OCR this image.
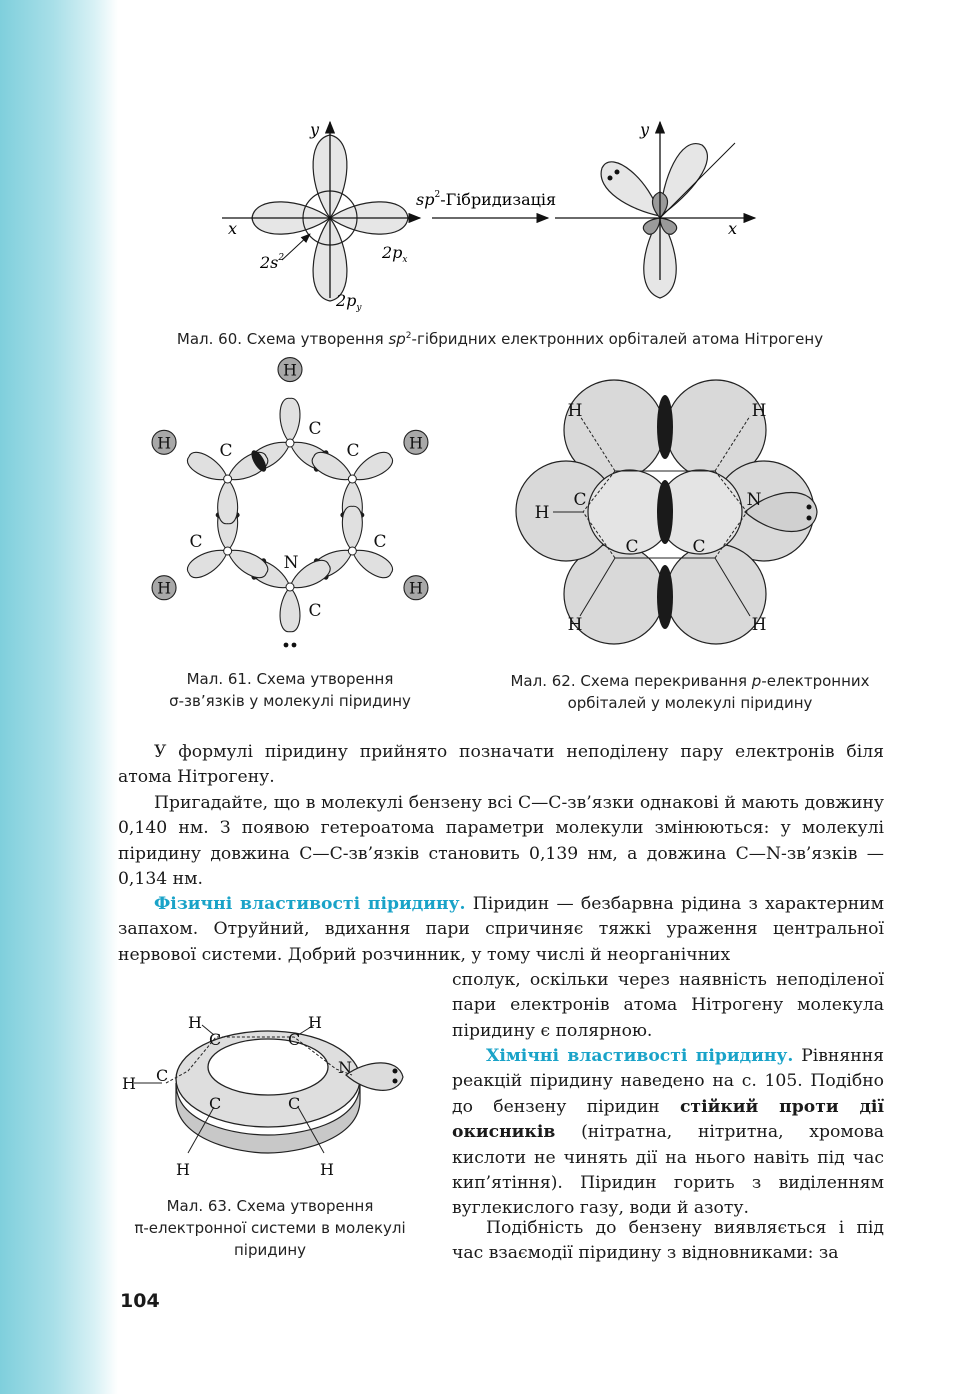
y
x
$2s^2$	$2p_x$
$2p_y$
$sp^2$-Гібридизація
y
x
Мал. 60. Схема утворення $sp^2$-гібридних електронних орбіталей атома Нітрогену
H
H
H
H
H
C
C
C
N
C
C
C
Мал. 61. Схема утворення
σ-зв’язків у молекулі піридину
H	H
H
H	H
C
C	C
N
Мал. 62. Схема перекривання p-електронних
орбіталей у молекулі піридину
У формулі піридину прийнято позначати неподілену пару електронів біля атома Нітрогену.
Пригадайте, що в молекулі бензену всі С—С-зв’язки однакові й мають довжину 0,140 нм. З появою гетероатома параметри молекули змінюються: у молекулі піридину довжина С—С-зв’язків становить 0,139 нм, а довжина С—N-зв’язків — 0,134 нм.
Фізичні властивості піридину. Піридин — безбарвна рідина з характерним запахом. Отруйний, вдихання пари спричиняє тяжкі ураження центральної нервової системи. Добрий розчинник, у тому числі й неорганічних
сполук, оскільки через наявність неподіленої пари електронів атома Нітрогену молекула піридину є полярною.
Хімічні властивості піридину. Рівняння реакцій піридину наведено на с. 105. Подібно до бензену піридин стійкий проти дії окисників (нітратна, нітритна, хромова кислоти не чинять дії на нього навіть під час кип’ятіння). Піридин горить з виділенням вуглекислого газу, води й азоту.
Подібність до бензену виявляється і під час взаємодії піридину з відновниками: за
H	H
H
H	H
C
C	C
C	C
N
Мал. 63. Схема утворення
π-електронної системи в молекулі
піридину
104
